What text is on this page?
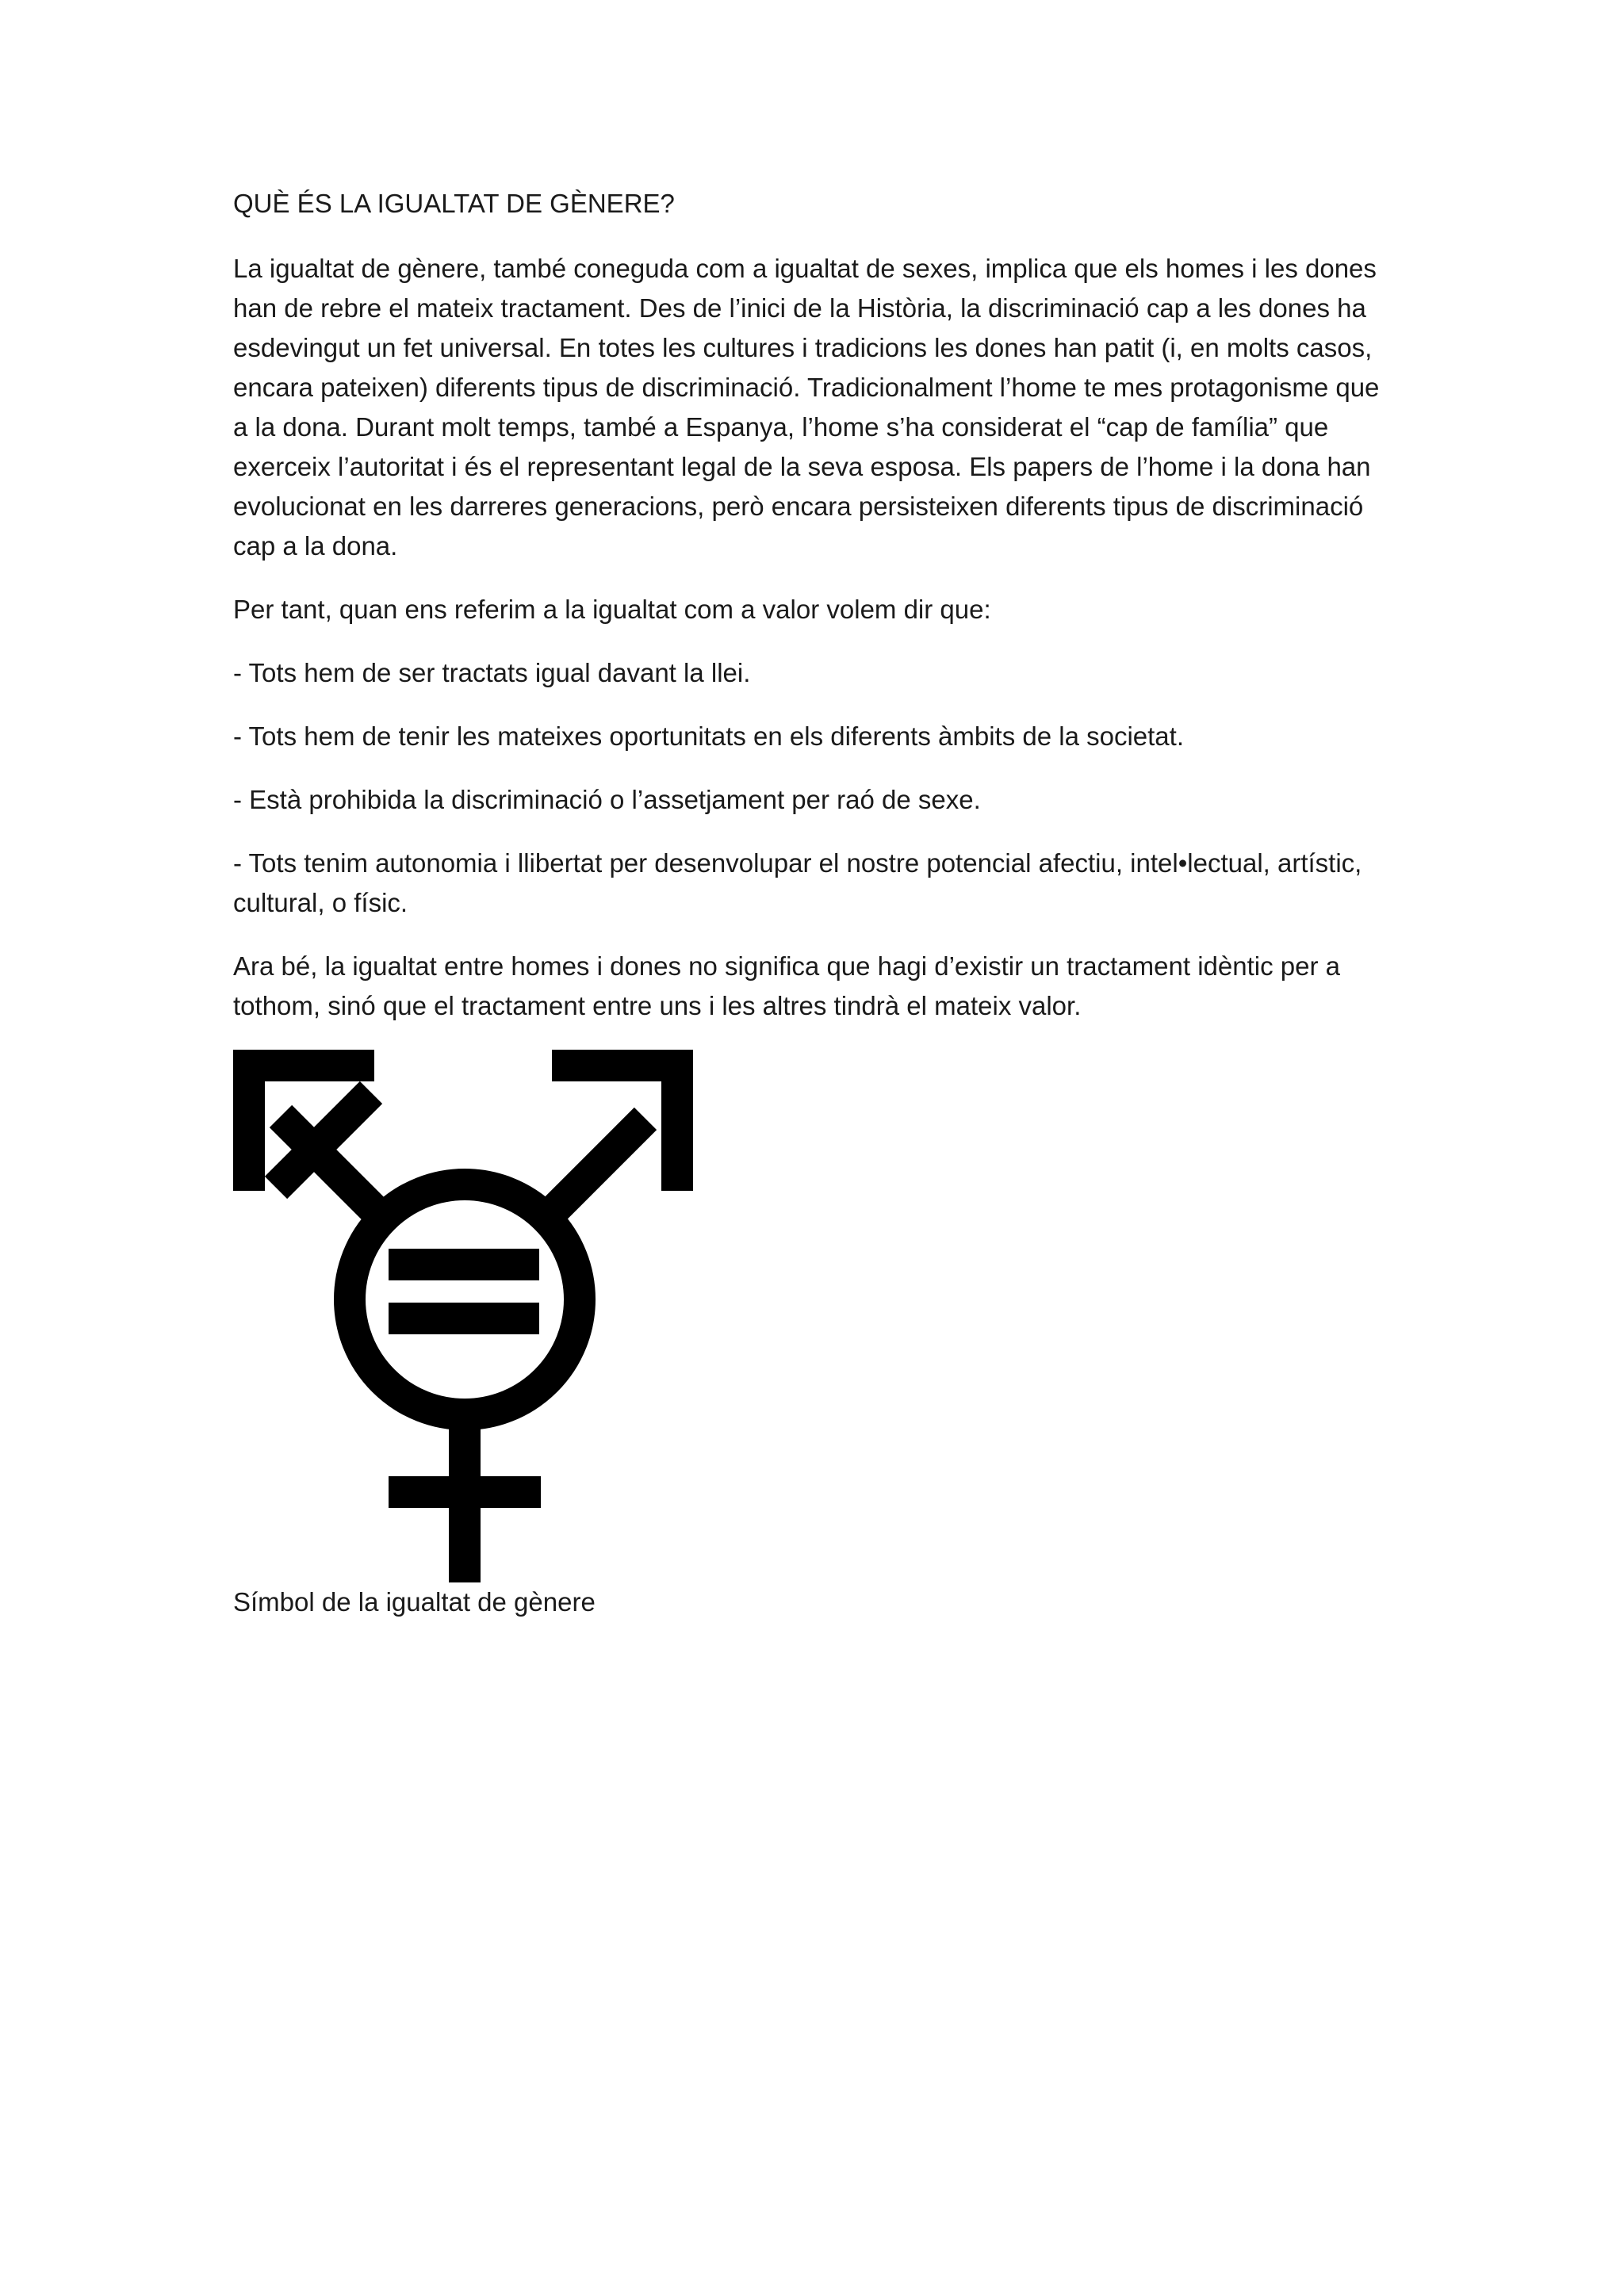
QUÈ ÉS LA IGUALTAT DE GÈNERE?

La igualtat de gènere, també coneguda com a igualtat de sexes, implica que els homes i les dones han de rebre el mateix tractament. Des de l’inici de la Història, la discriminació cap a les dones ha esdevingut un fet universal. En totes les cultures i tradicions les dones han patit (i, en molts casos, encara pateixen) diferents tipus de discriminació. Tradicionalment l’home te mes protagonisme que a la dona. Durant molt temps, també a Espanya, l’home s’ha considerat el “cap de família” que exerceix l’autoritat i és el representant legal de la seva esposa. Els papers de l’home i la dona han evolucionat en les darreres generacions, però encara persisteixen diferents tipus de discriminació cap a la dona.

Per tant, quan ens referim a la igualtat com a valor volem dir que:

- Tots hem de ser tractats igual davant la llei.

- Tots hem de tenir les mateixes oportunitats en els diferents àmbits de la societat.

- Està prohibida la discriminació o l’assetjament per raó de sexe.

- Tots tenim autonomia i llibertat per desenvolupar el nostre potencial afectiu, intel•lectual, artístic, cultural, o físic.

Ara bé, la igualtat entre homes i dones no significa que hagi d’existir un tractament idèntic per a tothom, sinó que el tractament entre uns i les altres tindrà el mateix valor.

Símbol de la igualtat de gènere
